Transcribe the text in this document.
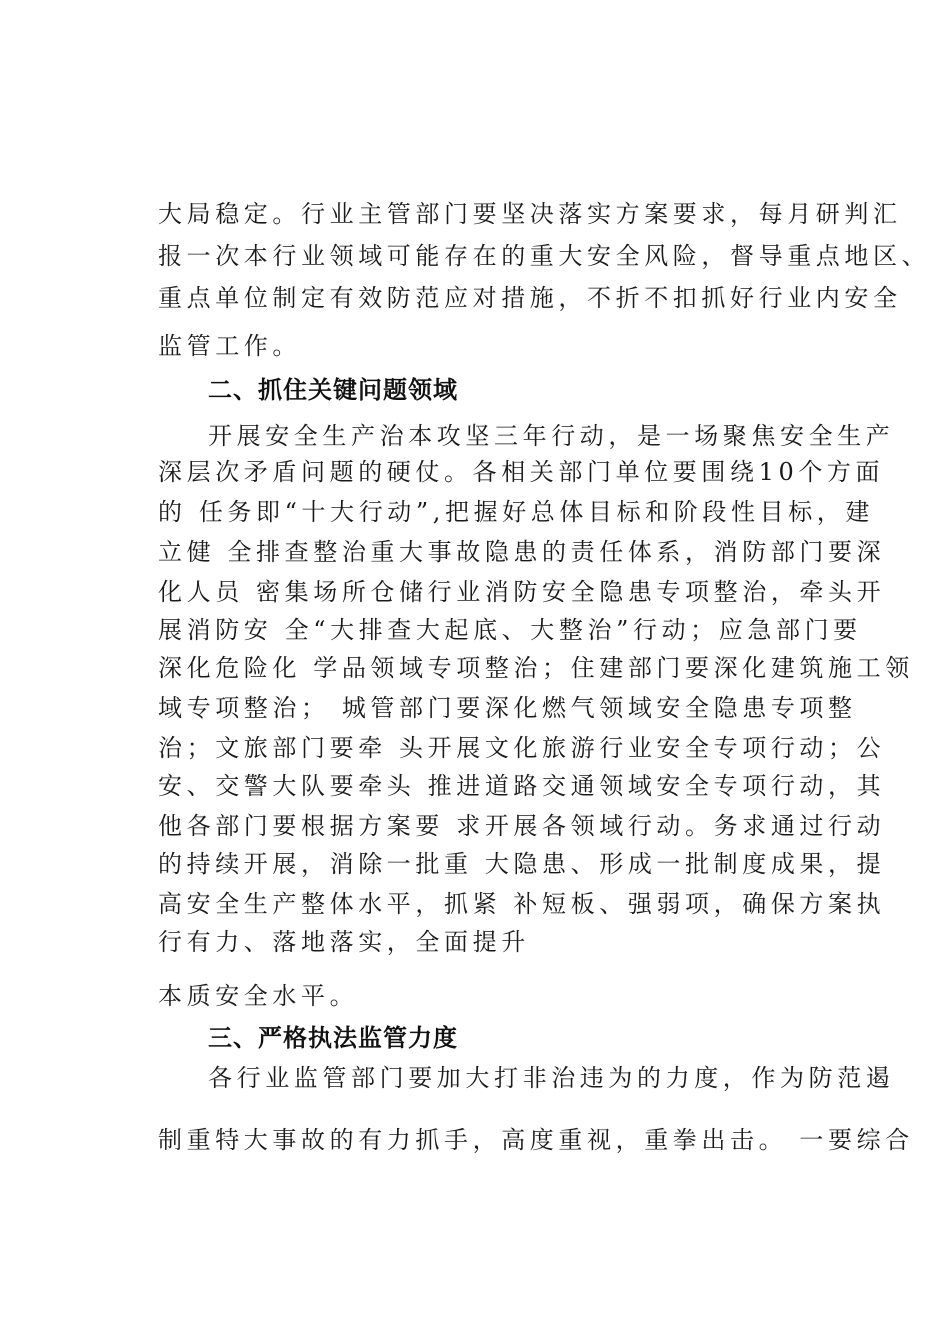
大局稳定。行业主管部门要坚决落实方案要求，每月研判汇
报一次本行业领域可能存在的重大安全风险，督导重点地区、
重点单位制定有效防范应对措施，不折不扣抓好行业内安全
监管工作。
二、抓住关键问题领域
开展安全生产治本攻坚三年行动，是一场聚焦安全生产
深层次矛盾问题的硬仗。各相关部门单位要围绕10个方面
的 任务即“十大行动”,把握好总体目标和阶段性目标，建
立健 全排查整治重大事故隐患的责任体系，消防部门要深
化人员 密集场所仓储行业消防安全隐患专项整治，牵头开
展消防安 全“大排查大起底、大整治”行动；应急部门要
深化危险化 学品领域专项整治；住建部门要深化建筑施工领
域专项整治； 城管部门要深化燃气领域安全隐患专项整
治；文旅部门要牵 头开展文化旅游行业安全专项行动；公
安、交警大队要牵头 推进道路交通领域安全专项行动，其
他各部门要根据方案要 求开展各领域行动。务求通过行动
的持续开展，消除一批重 大隐患、形成一批制度成果，提
高安全生产整体水平，抓紧 补短板、强弱项，确保方案执
行有力、落地落实，全面提升
本质安全水平。
三、严格执法监管力度
各行业监管部门要加大打非治违为的力度，作为防范遏
制重特大事故的有力抓手，高度重视，重拳出击。 一要综合
